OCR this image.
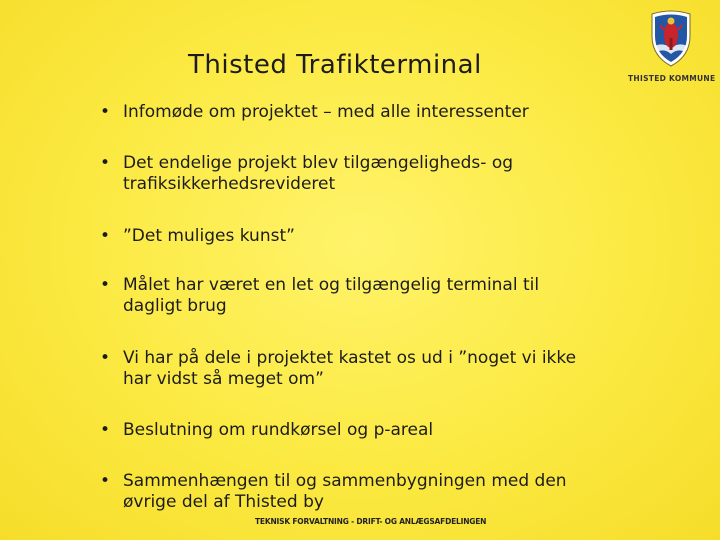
Thisted Trafikterminal	THISTED KOMMUNE
• Infomøde om projektet – med alle interessenter
• Det endelige projekt blev tilgængeligheds- og
trafiksikkerhedsrevideret
• ”Det muliges kunst”
• Målet har været en let og tilgængelig terminal til
dagligt brug
• Vi har på dele i projektet kastet os ud i ”noget vi ikke
har vidst så meget om”
• Beslutning om rundkørsel og p-areal
• Sammenhængen til og sammenbygningen med den
øvrige del af Thisted by
TEKNISK FORVALTNING - DRIFT- OG ANLÆGSAFDELINGEN
